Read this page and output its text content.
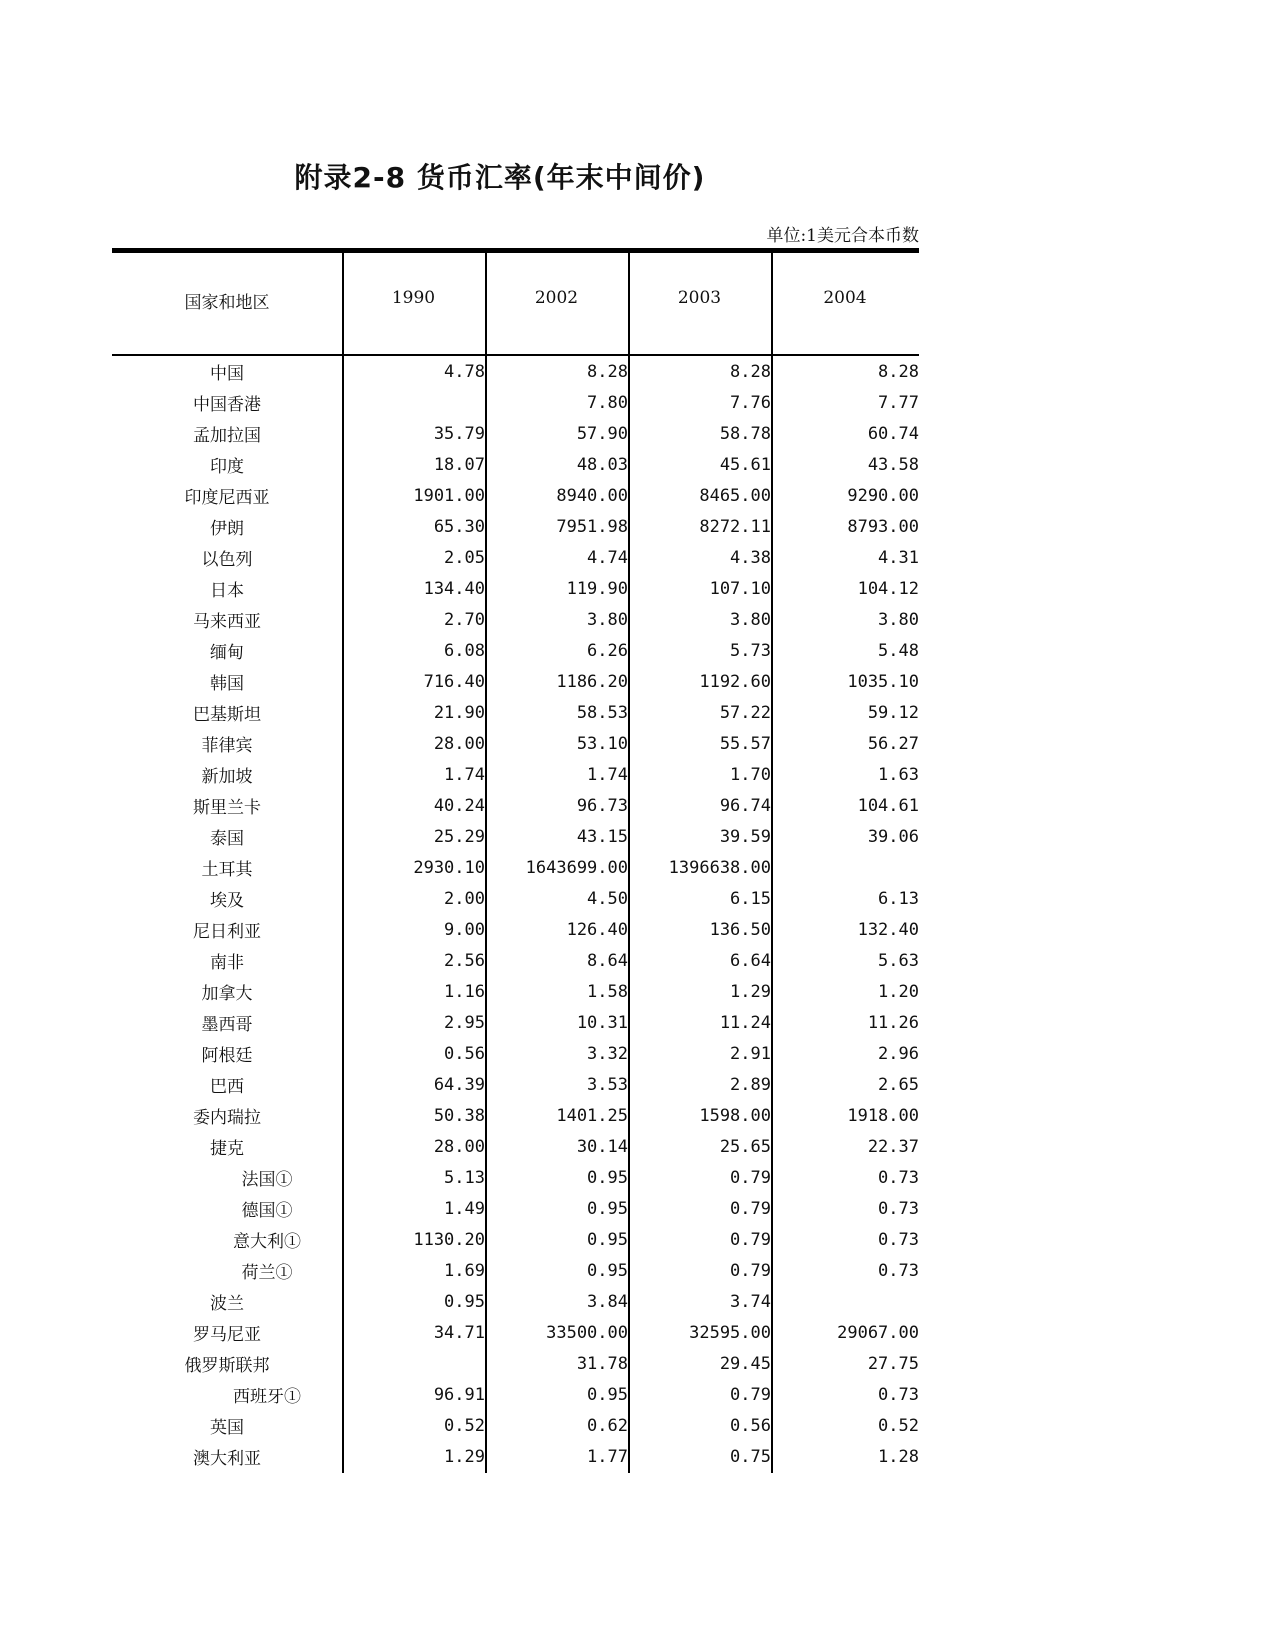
附录2-8 货币汇率(年末中间价)
单位:1美元合本币数
国家和地区	1990	2002	2003	2004
中国	4.78	8.28	8.28	8.28
中国香港		7.80	7.76	7.77
孟加拉国	35.79	57.90	58.78	60.74
印度	18.07	48.03	45.61	43.58
印度尼西亚	1901.00	8940.00	8465.00	9290.00
伊朗	65.30	7951.98	8272.11	8793.00
以色列	2.05	4.74	4.38	4.31
日本	134.40	119.90	107.10	104.12
马来西亚	2.70	3.80	3.80	3.80
缅甸	6.08	6.26	5.73	5.48
韩国	716.40	1186.20	1192.60	1035.10
巴基斯坦	21.90	58.53	57.22	59.12
菲律宾	28.00	53.10	55.57	56.27
新加坡	1.74	1.74	1.70	1.63
斯里兰卡	40.24	96.73	96.74	104.61
泰国	25.29	43.15	39.59	39.06
土耳其	2930.10	1643699.00	1396638.00	
埃及	2.00	4.50	6.15	6.13
尼日利亚	9.00	126.40	136.50	132.40
南非	2.56	8.64	6.64	5.63
加拿大	1.16	1.58	1.29	1.20
墨西哥	2.95	10.31	11.24	11.26
阿根廷	0.56	3.32	2.91	2.96
巴西	64.39	3.53	2.89	2.65
委内瑞拉	50.38	1401.25	1598.00	1918.00
捷克	28.00	30.14	25.65	22.37
法国①	5.13	0.95	0.79	0.73
德国①	1.49	0.95	0.79	0.73
意大利①	1130.20	0.95	0.79	0.73
荷兰①	1.69	0.95	0.79	0.73
波兰	0.95	3.84	3.74	
罗马尼亚	34.71	33500.00	32595.00	29067.00
俄罗斯联邦		31.78	29.45	27.75
西班牙①	96.91	0.95	0.79	0.73
英国	0.52	0.62	0.56	0.52
澳大利亚	1.29	1.77	0.75	1.28
